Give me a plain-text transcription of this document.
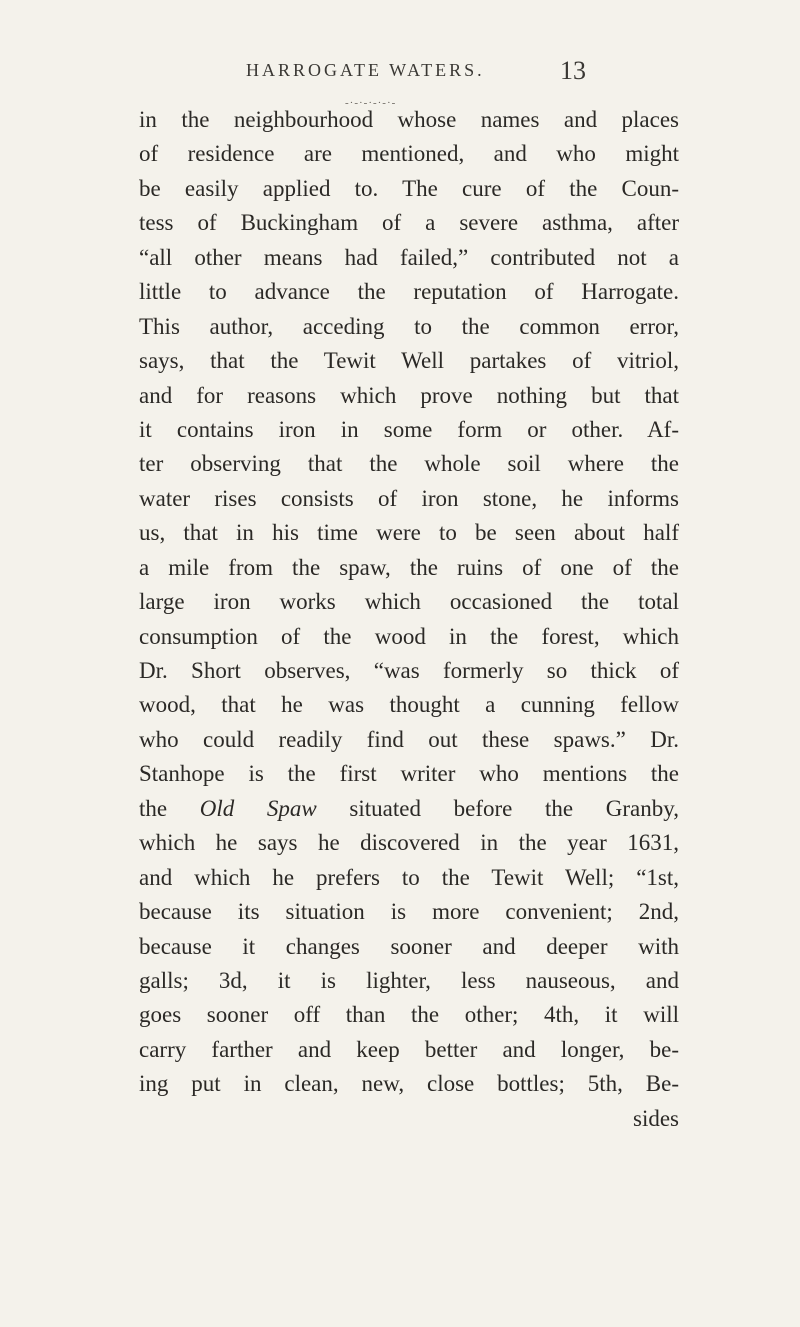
HARROGATE WATERS.	13
-·-·-·-·-·-
in the neighbourhood whose names and places
of residence are mentioned, and who might
be easily applied to. The cure of the Coun-
tess of Buckingham of a severe asthma, after
“all other means had failed,” contributed not a
little to advance the reputation of Harrogate.
This author, acceding to the common error,
says, that the Tewit Well partakes of vitriol,
and for reasons which prove nothing but that
it contains iron in some form or other. Af-
ter observing that the whole soil where the
water rises consists of iron stone, he informs
us, that in his time were to be seen about half
a mile from the spaw, the ruins of one of the
large iron works which occasioned the total
consumption of the wood in the forest, which
Dr. Short observes, “was formerly so thick of
wood, that he was thought a cunning fellow
who could readily find out these spaws.” Dr.
Stanhope is the first writer who mentions the
the Old Spaw situated before the Granby,
which he says he discovered in the year 1631,
and which he prefers to the Tewit Well; “1st,
because its situation is more convenient; 2nd,
because it changes sooner and deeper with
galls; 3d, it is lighter, less nauseous, and
goes sooner off than the other; 4th, it will
carry farther and keep better and longer, be-
ing put in clean, new, close bottles; 5th, Be-
sides
